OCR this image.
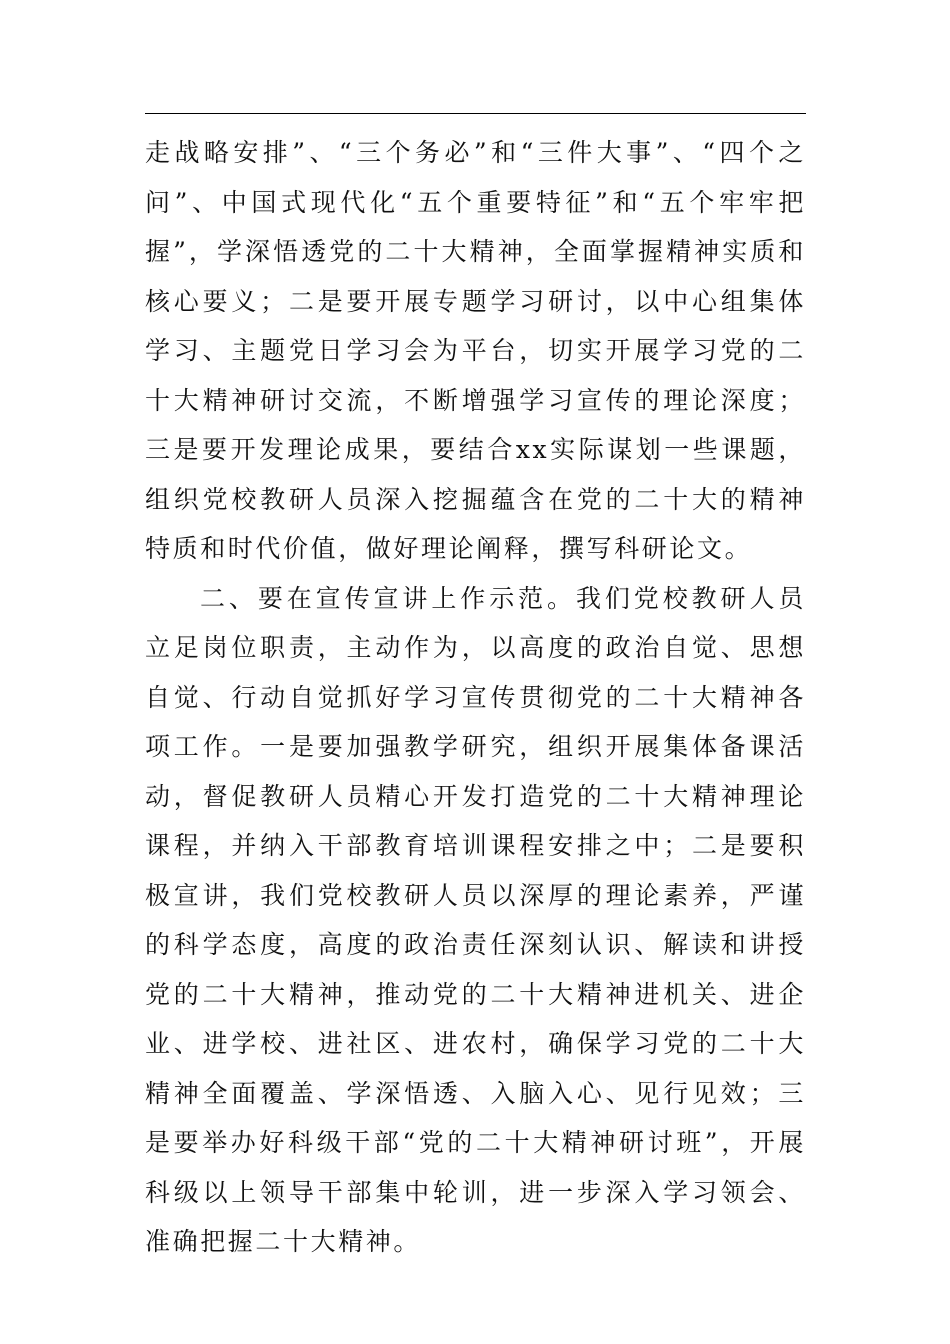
走战略安排”、“三个务必”和“三件大事”、“四个之问”、中国式现代化“五个重要特征”和“五个牢牢把握”，学深悟透党的二十大精神，全面掌握精神实质和核心要义；二是要开展专题学习研讨，以中心组集体学习、主题党日学习会为平台，切实开展学习党的二十大精神研讨交流，不断增强学习宣传的理论深度；三是要开发理论成果，要结合xx实际谋划一些课题，组织党校教研人员深入挖掘蕴含在党的二十大的精神特质和时代价值，做好理论阐释，撰写科研论文。

二、要在宣传宣讲上作示范。我们党校教研人员立足岗位职责，主动作为，以高度的政治自觉、思想自觉、行动自觉抓好学习宣传贯彻党的二十大精神各项工作。一是要加强教学研究，组织开展集体备课活动，督促教研人员精心开发打造党的二十大精神理论课程，并纳入干部教育培训课程安排之中；二是要积极宣讲，我们党校教研人员以深厚的理论素养，严谨的科学态度，高度的政治责任深刻认识、解读和讲授党的二十大精神，推动党的二十大精神进机关、进企业、进学校、进社区、进农村，确保学习党的二十大精神全面覆盖、学深悟透、入脑入心、见行见效；三是要举办好科级干部“党的二十大精神研讨班”，开展科级以上领导干部集中轮训，进一步深入学习领会、准确把握二十大精神。
